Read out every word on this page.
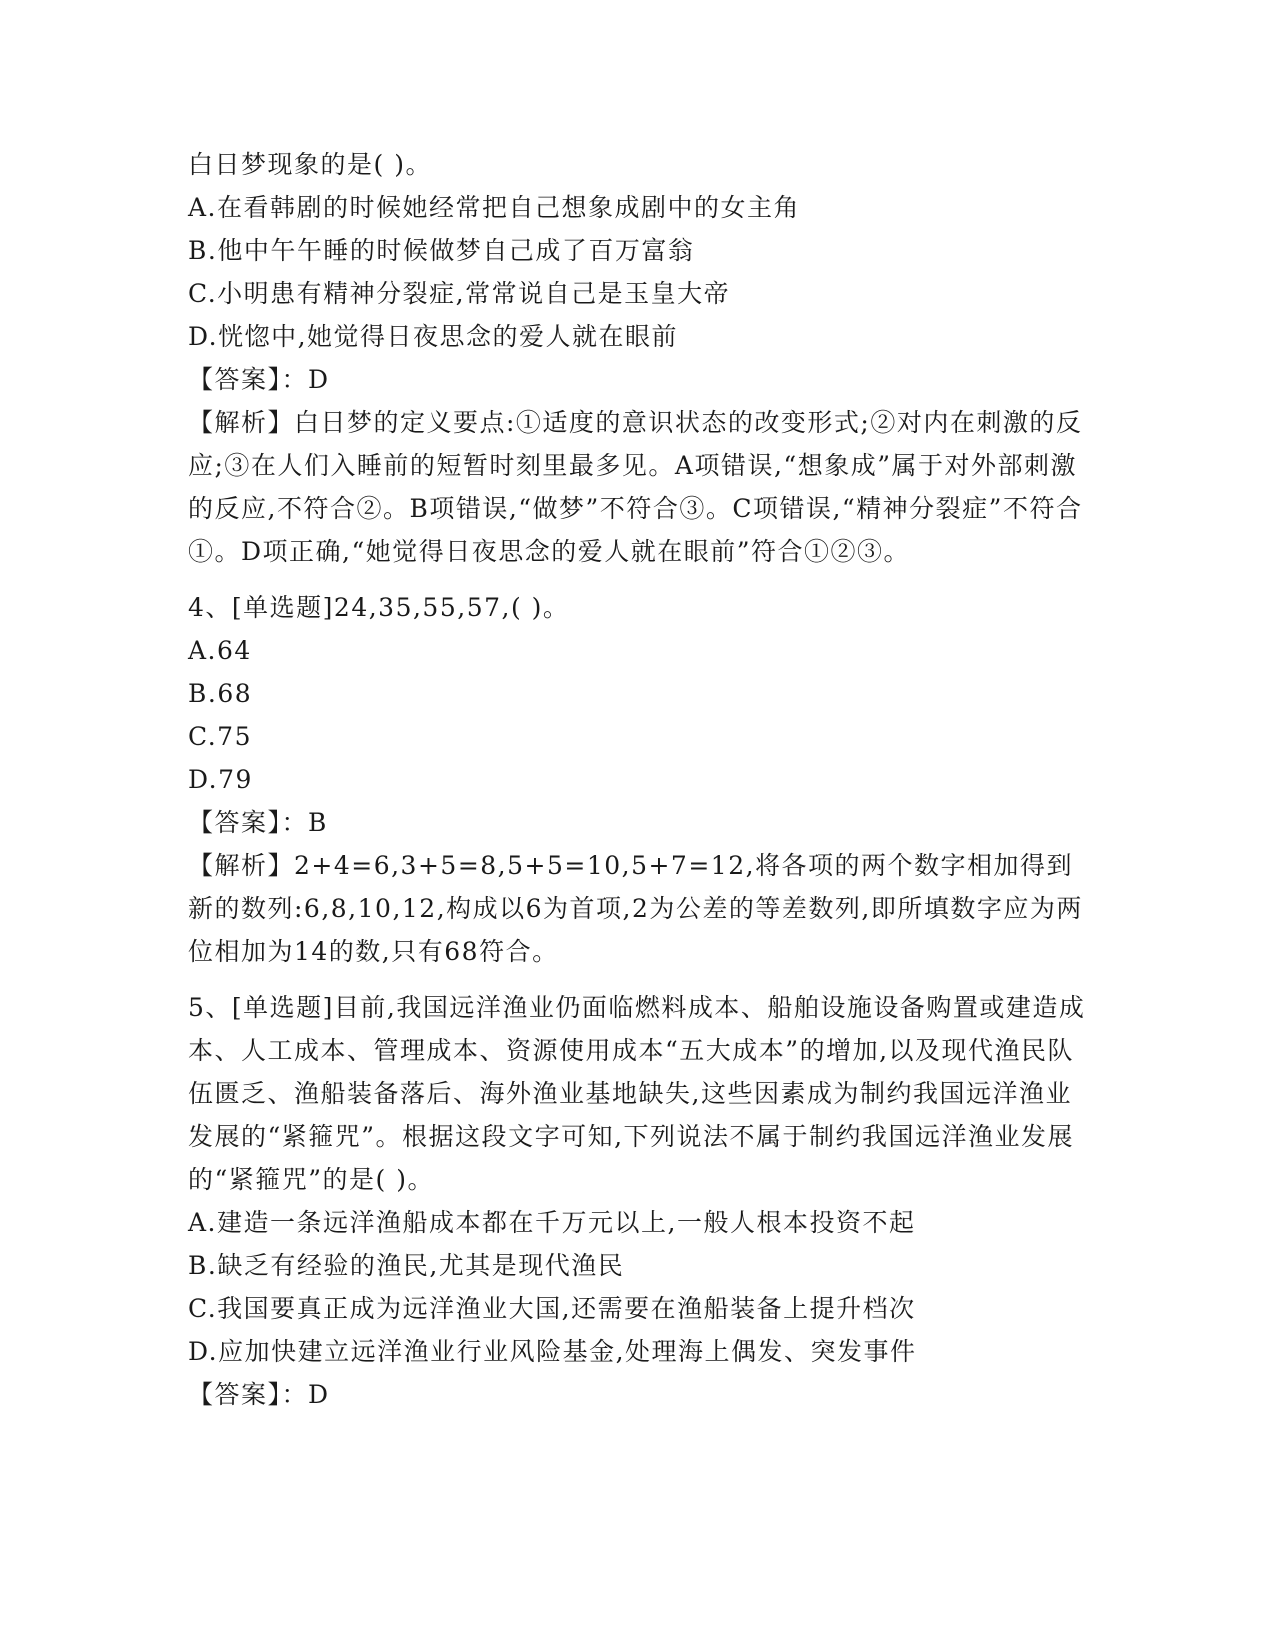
白日梦现象的是( )。
A.在看韩剧的时候她经常把自己想象成剧中的女主角
B.他中午午睡的时候做梦自己成了百万富翁
C.小明患有精神分裂症,常常说自己是玉皇大帝
D.恍惚中,她觉得日夜思念的爱人就在眼前
【答案】：D
【解析】白日梦的定义要点:①适度的意识状态的改变形式;②对内在刺激的反应;③在人们入睡前的短暂时刻里最多见。A项错误,“想象成”属于对外部刺激的反应,不符合②。B项错误,“做梦”不符合③。C项错误,“精神分裂症”不符合①。D项正确,“她觉得日夜思念的爱人就在眼前”符合①②③。
4、[单选题]24,35,55,57,( )。
A.64
B.68
C.75
D.79
【答案】：B
【解析】2+4=6,3+5=8,5+5=10,5+7=12,将各项的两个数字相加得到新的数列:6,8,10,12,构成以6为首项,2为公差的等差数列,即所填数字应为两位相加为14的数,只有68符合。
5、[单选题]目前,我国远洋渔业仍面临燃料成本、船舶设施设备购置或建造成本、人工成本、管理成本、资源使用成本“五大成本”的增加,以及现代渔民队伍匮乏、渔船装备落后、海外渔业基地缺失,这些因素成为制约我国远洋渔业发展的“紧箍咒”。根据这段文字可知,下列说法不属于制约我国远洋渔业发展的“紧箍咒”的是( )。
A.建造一条远洋渔船成本都在千万元以上,一般人根本投资不起
B.缺乏有经验的渔民,尤其是现代渔民
C.我国要真正成为远洋渔业大国,还需要在渔船装备上提升档次
D.应加快建立远洋渔业行业风险基金,处理海上偶发、突发事件
【答案】：D
